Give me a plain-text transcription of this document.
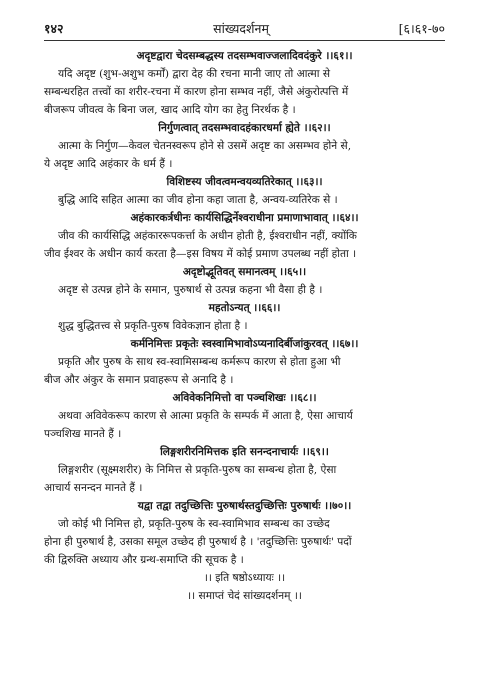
१४२	सांख्यदर्शनम्	[६।६१-७०
अदृष्टद्वारा चेदसम्बद्धस्य तदसम्भवाज्जलादिवदंकुरे ।।६१।।
यदि अदृष्ट (शुभ-अशुभ कर्मों) द्वारा देह की रचना मानी जाए तो आत्मा से
सम्बन्धरहित तत्त्वों का शरीर-रचना में कारण होना सम्भव नहीं, जैसे अंकुरोत्पत्ति में
बीजरूप जीवत्व के बिना जल, खाद आदि योग का हेतु निरर्थक है ।
निर्गुणत्वात् तदसम्भवादहंकारधर्मा ह्येते ।।६२।।
आत्मा के निर्गुण—केवल चेतनस्वरूप होने से उसमें अदृष्ट का असम्भव होने से,
ये अदृष्ट आदि अहंकार के धर्म हैं ।
विशिष्टस्य जीवत्वमन्वयव्यतिरेकात् ।।६३।।
बुद्धि आदि सहित आत्मा का जीव होना कहा जाता है, अन्वय-व्यतिरेक से ।
अहंकारकर्त्रधीनः कार्यसिद्धिर्नेश्वराधीना प्रमाणाभावात् ।।६४।।
जीव की कार्यसिद्धि अहंकाररूपकर्त्ता के अधीन होती है, ईश्वराधीन नहीं, क्योंकि
जीव ईश्वर के अधीन कार्य करता है—इस विषय में कोई प्रमाण उपलब्ध नहीं होता ।
अदृष्टोद्भूतिवत् समानत्वम् ।।६५।।
अदृष्ट से उत्पन्न होने के समान, पुरुषार्थ से उत्पन्न कहना भी वैसा ही है ।
महतोऽन्यत् ।।६६।।
शुद्ध बुद्धितत्त्व से प्रकृति-पुरुष विवेकज्ञान होता है ।
कर्मनिमित्तः प्रकृतेः स्वस्वामिभावोऽप्यनादिर्बीजांकुरवत् ।।६७।।
प्रकृति और पुरुष के साथ स्व-स्वामिसम्बन्ध कर्मरूप कारण से होता हुआ भी
बीज और अंकुर के समान प्रवाहरूप से अनादि है ।
अविवेकनिमित्तो वा पञ्चशिखः ।।६८।।
अथवा अविवेकरूप कारण से आत्मा प्रकृति के सम्पर्क में आता है, ऐसा आचार्य
पञ्चशिख मानते हैं ।
लिङ्गशरीरनिमित्तक इति सनन्दनाचार्यः ।।६९।।
लिङ्गशरीर (सूक्ष्मशरीर) के निमित्त से प्रकृति-पुरुष का सम्बन्ध होता है, ऐसा
आचार्य सनन्दन मानते हैं ।
यद्वा तद्वा तदुच्छित्तिः पुरुषार्थस्तदुच्छित्तिः पुरुषार्थः ।।७०।।
जो कोई भी निमित्त हो, प्रकृति-पुरुष के स्व-स्वामिभाव सम्बन्ध का उच्छेद
होना ही पुरुषार्थ है, उसका समूल उच्छेद ही पुरुषार्थ है । 'तदुच्छित्तिः पुरुषार्थः' पदों
की द्विरुक्ति अध्याय और ग्रन्थ-समाप्ति की सूचक है ।
।। इति षष्ठोऽध्यायः ।।
।। समाप्तं चेदं सांख्यदर्शनम् ।।
